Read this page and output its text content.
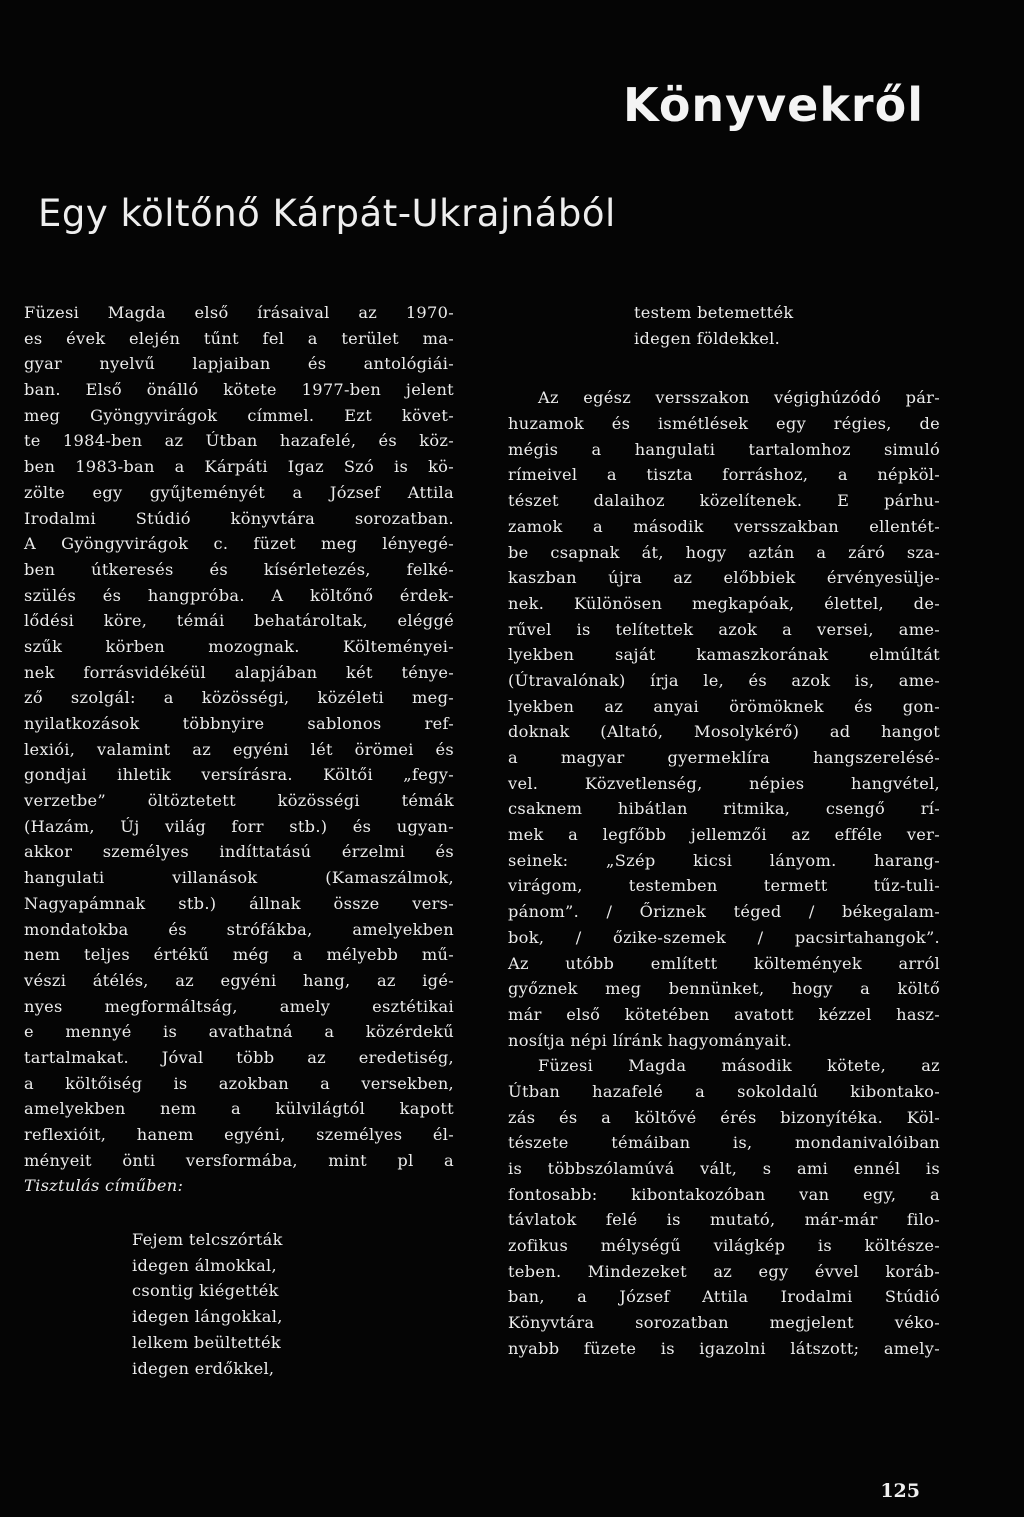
Könyvekről
Egy költőnő Kárpát-Ukrajnából
Füzesi Magda első írásaival az 1970-
es évek elején tűnt fel a terület ma-
gyar nyelvű lapjaiban és antológiái-
ban. Első önálló kötete 1977-ben jelent
meg Gyöngyvirágok címmel. Ezt követ-
te 1984-ben az Útban hazafelé, és köz-
ben 1983-ban a Kárpáti Igaz Szó is kö-
zölte egy gyűjteményét a József Attila
Irodalmi Stúdió könyvtára sorozatban.
A Gyöngyvirágok c. füzet meg lényegé-
ben útkeresés és kísérletezés, felké-
szülés és hangpróba. A költőnő érdek-
lődési köre, témái behatároltak, eléggé
szűk körben mozognak. Költeményei-
nek forrásvidékéül alapjában két ténye-
ző szolgál: a közösségi, közéleti meg-
nyilatkozások többnyire sablonos ref-
lexiói, valamint az egyéni lét örömei és
gondjai ihletik versírásra. Költői „fegy-
verzetbe” öltöztetett közösségi témák
(Hazám, Új világ forr stb.) és ugyan-
akkor személyes indíttatású érzelmi és
hangulati villanások (Kamaszálmok,
Nagyapámnak stb.) állnak össze vers-
mondatokba és strófákba, amelyekben
nem teljes értékű még a mélyebb mű-
vészi átélés, az egyéni hang, az igé-
nyes megformáltság, amely esztétikai
e mennyé is avathatná a közérdekű
tartalmakat. Jóval több az eredetiség,
a költőiség is azokban a versekben,
amelyekben nem a külvilágtól kapott
reflexióit, hanem egyéni, személyes él-
ményeit önti versformába, mint pl a
Tisztulás címűben:
Fejem telcszórták
idegen álmokkal,
csontig kiégették
idegen lángokkal,
lelkem beültették
idegen erdőkkel,
testem betemették
idegen földekkel.
Az egész versszakon végighúzódó pár-
huzamok és ismétlések egy régies, de
mégis a hangulati tartalomhoz simuló
rímeivel a tiszta forráshoz, a népköl-
tészet dalaihoz közelítenek. E párhu-
zamok a második versszakban ellentét-
be csapnak át, hogy aztán a záró sza-
kaszban újra az előbbiek érvényesülje-
nek. Különösen megkapóak, élettel, de-
rűvel is telítettek azok a versei, ame-
lyekben saját kamaszkorának elmúltát
(Útravalónak) írja le, és azok is, ame-
lyekben az anyai örömöknek és gon-
doknak (Altató, Mosolykérő) ad hangot
a magyar gyermeklíra hangszerelésé-
vel. Közvetlenség, népies hangvétel,
csaknem hibátlan ritmika, csengő rí-
mek a legfőbb jellemzői az efféle ver-
seinek: „Szép kicsi lányom. harang-
virágom, testemben termett tűz-tuli-
pánom”. / Őriznek téged / békegalam-
bok, / őzike-szemek / pacsirtahangok”.
Az utóbb említett költemények arról
győznek meg bennünket, hogy a költő
már első kötetében avatott kézzel hasz-
nosítja népi líránk hagyományait.
Füzesi Magda második kötete, az
Útban hazafelé a sokoldalú kibontako-
zás és a költővé érés bizonyítéka. Köl-
tészete témáiban is, mondanivalóiban
is többszólamúvá vált, s ami ennél is
fontosabb: kibontakozóban van egy, a
távlatok felé is mutató, már-már filo-
zofikus mélységű világkép is költésze-
teben. Mindezeket az egy évvel koráb-
ban, a József Attila Irodalmi Stúdió
Könyvtára sorozatban megjelent véko-
nyabb füzete is igazolni látszott; amely-
125
